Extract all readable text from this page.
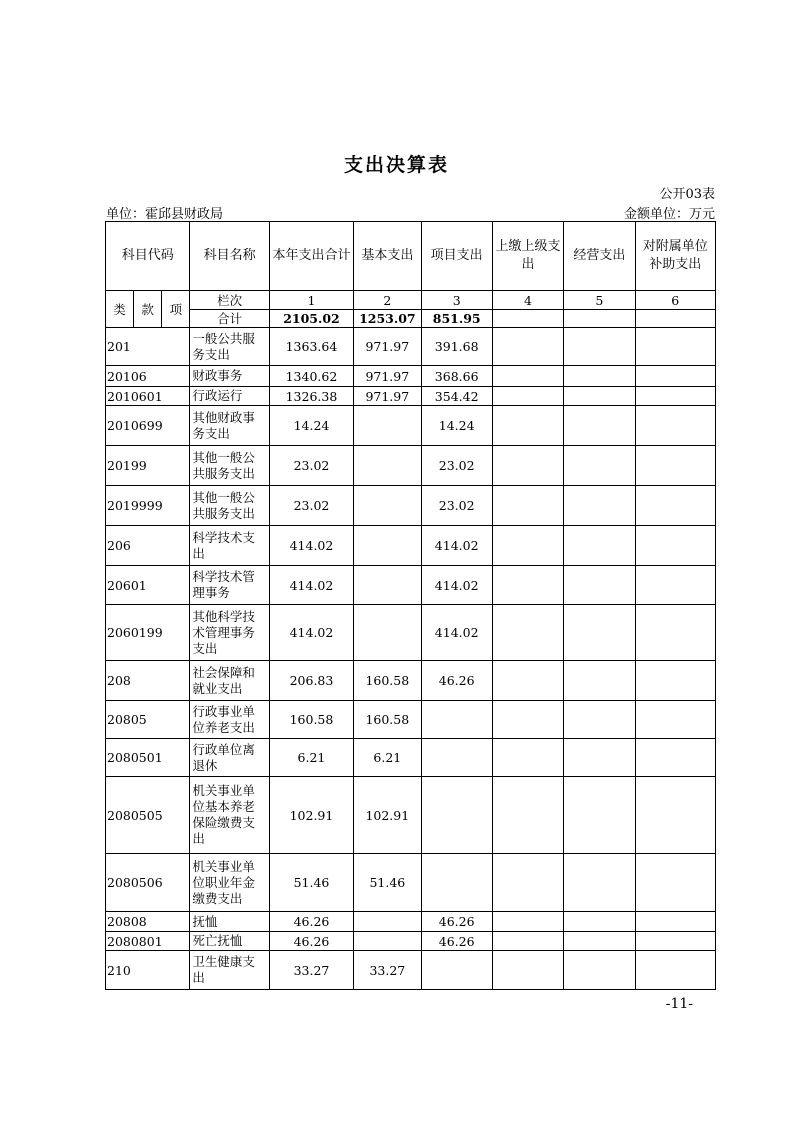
支出决算表
公开03表
单位：霍邱县财政局	金额单位：万元
科目代码			科目名称	本年支出合计	基本支出	项目支出	上缴上级支出	经营支出	对附属单位补助支出
类	款	项	栏次	1	2	3	4	5	6
			合计	2105.02	1253.07	851.95			
201			一般公共服务支出	1363.64	971.97	391.68			
20106			财政事务	1340.62	971.97	368.66			
2010601			行政运行	1326.38	971.97	354.42			
2010699			其他财政事务支出	14.24		14.24			
20199			其他一般公共服务支出	23.02		23.02			
2019999			其他一般公共服务支出	23.02		23.02			
206			科学技术支出	414.02		414.02			
20601			科学技术管理事务	414.02		414.02			
2060199			其他科学技术管理事务支出	414.02		414.02			
208			社会保障和就业支出	206.83	160.58	46.26			
20805			行政事业单位养老支出	160.58	160.58				
2080501			行政单位离退休	6.21	6.21				
2080505			机关事业单位基本养老保险缴费支出	102.91	102.91				
2080506			机关事业单位职业年金缴费支出	51.46	51.46				
20808			抚恤	46.26		46.26			
2080801			死亡抚恤	46.26		46.26			
210			卫生健康支出	33.27	33.27				
-11-
